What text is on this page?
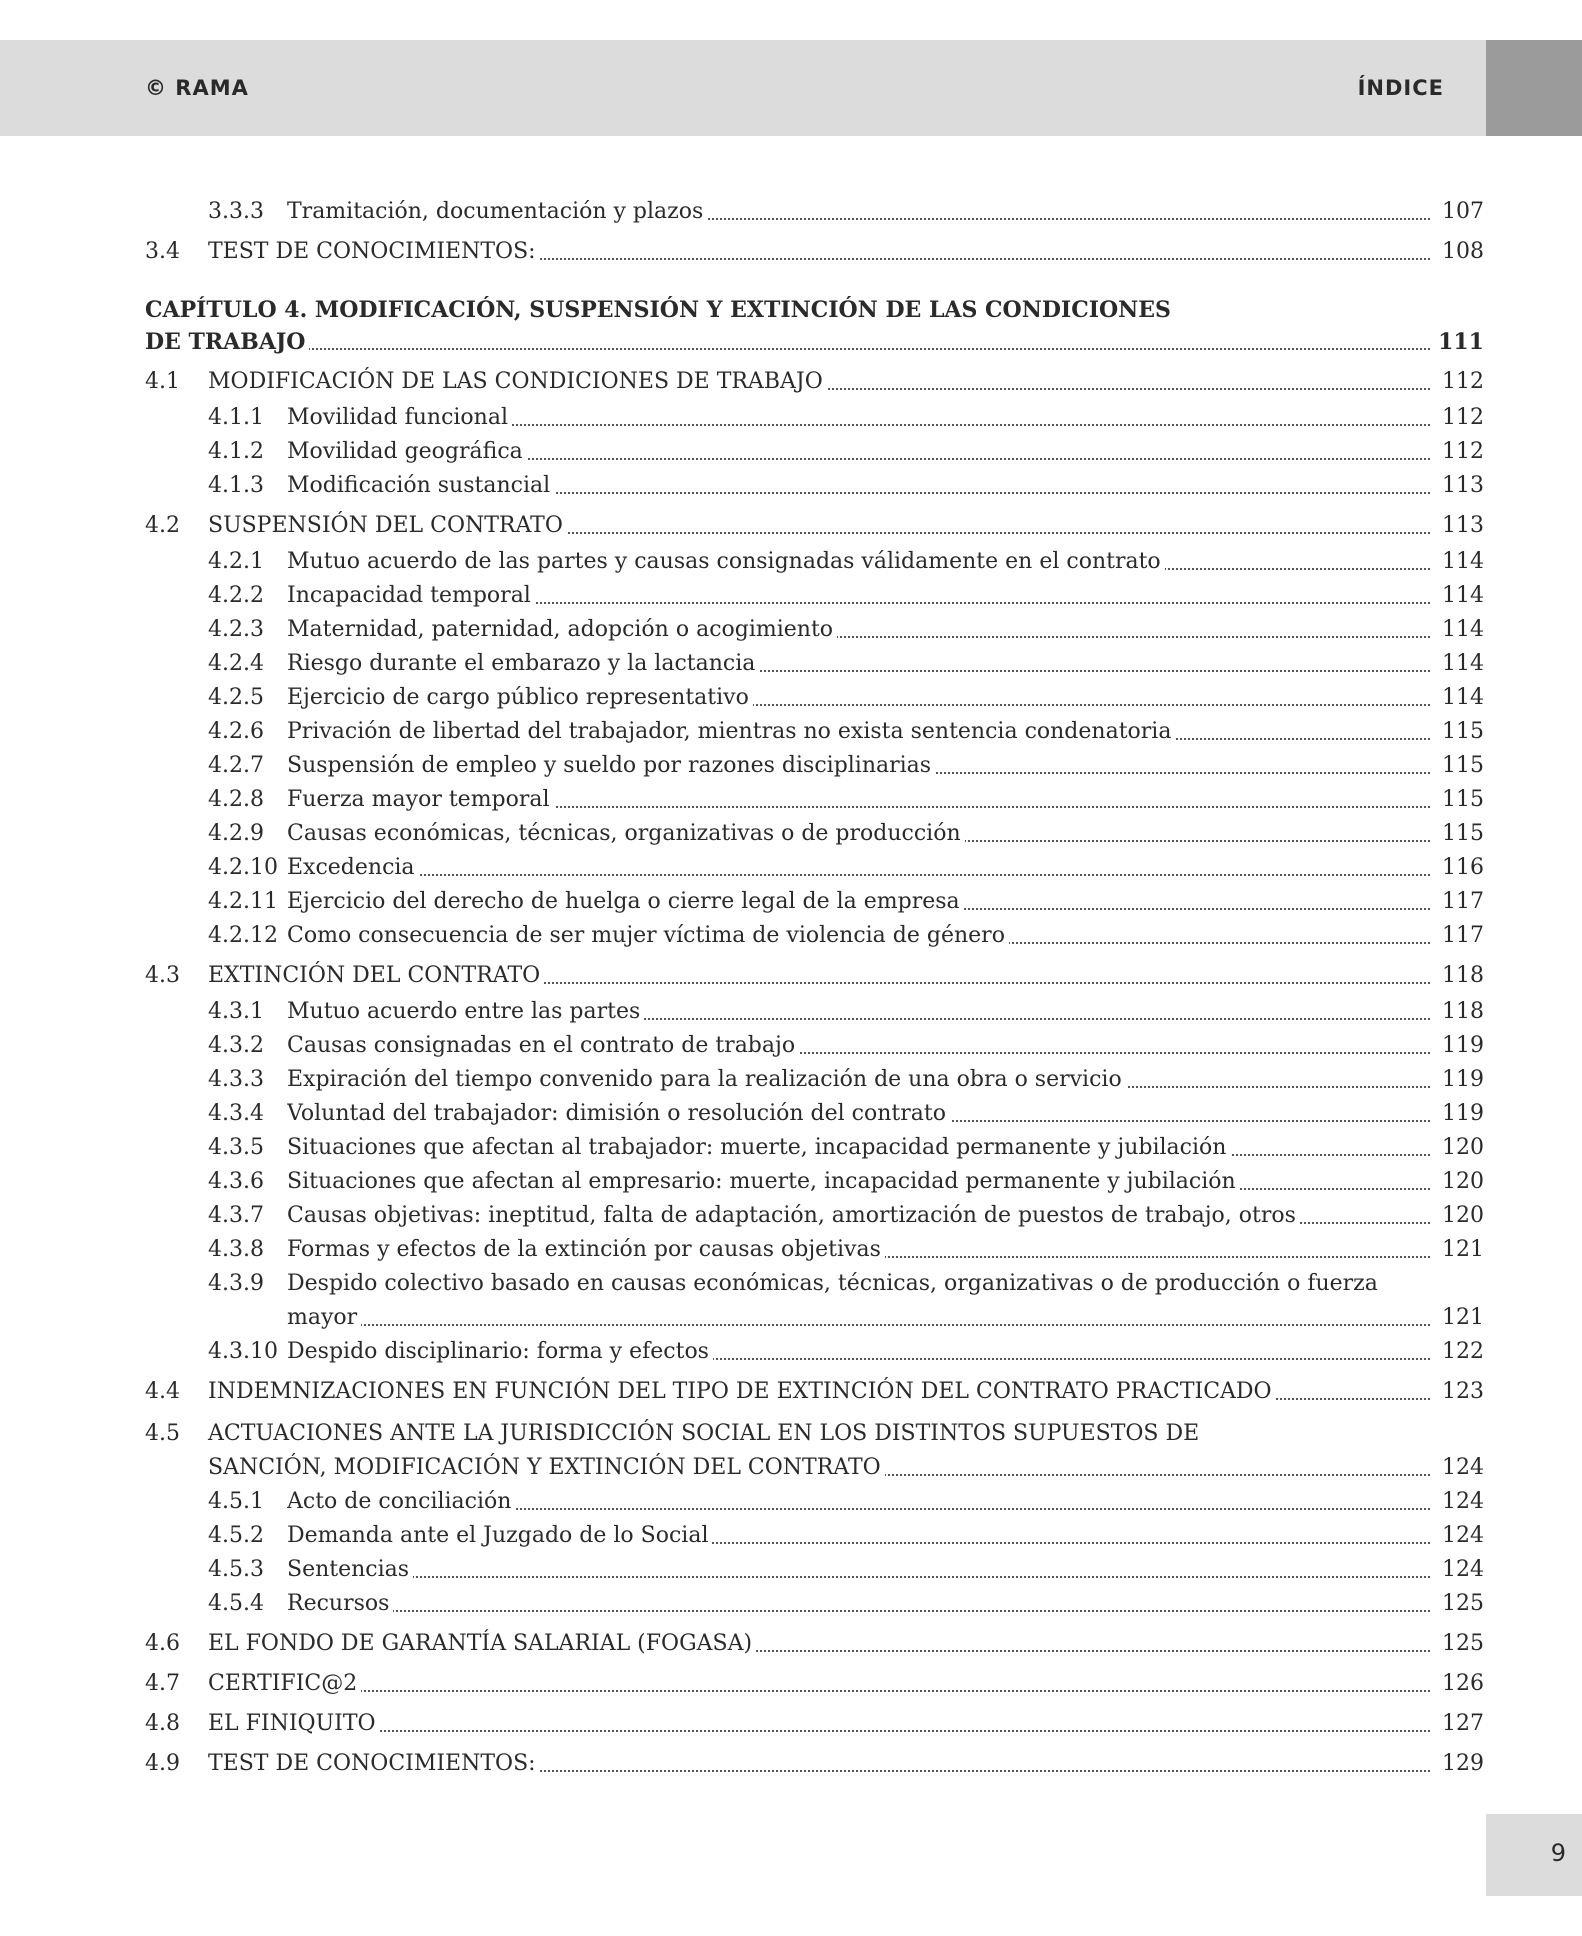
© RAMA	ÍNDICE
3.3.3 Tramitación, documentación y plazos	107
3.4 TEST DE CONOCIMIENTOS:	108
CAPÍTULO 4. MODIFICACIÓN, SUSPENSIÓN Y EXTINCIÓN DE LAS CONDICIONES
DE TRABAJO	111
4.1 MODIFICACIÓN DE LAS CONDICIONES DE TRABAJO	112
4.1.1 Movilidad funcional	112
4.1.2 Movilidad geográfica	112
4.1.3 Modificación sustancial	113
4.2 SUSPENSIÓN DEL CONTRATO	113
4.2.1 Mutuo acuerdo de las partes y causas consignadas válidamente en el contrato	114
4.2.2 Incapacidad temporal	114
4.2.3 Maternidad, paternidad, adopción o acogimiento	114
4.2.4 Riesgo durante el embarazo y la lactancia	114
4.2.5 Ejercicio de cargo público representativo	114
4.2.6 Privación de libertad del trabajador, mientras no exista sentencia condenatoria	115
4.2.7 Suspensión de empleo y sueldo por razones disciplinarias	115
4.2.8 Fuerza mayor temporal	115
4.2.9 Causas económicas, técnicas, organizativas o de producción	115
4.2.10 Excedencia	116
4.2.11 Ejercicio del derecho de huelga o cierre legal de la empresa	117
4.2.12 Como consecuencia de ser mujer víctima de violencia de género	117
4.3 EXTINCIÓN DEL CONTRATO	118
4.3.1 Mutuo acuerdo entre las partes	118
4.3.2 Causas consignadas en el contrato de trabajo	119
4.3.3 Expiración del tiempo convenido para la realización de una obra o servicio	119
4.3.4 Voluntad del trabajador: dimisión o resolución del contrato	119
4.3.5 Situaciones que afectan al trabajador: muerte, incapacidad permanente y jubilación	120
4.3.6 Situaciones que afectan al empresario: muerte, incapacidad permanente y jubilación	120
4.3.7 Causas objetivas: ineptitud, falta de adaptación, amortización de puestos de trabajo, otros	120
4.3.8 Formas y efectos de la extinción por causas objetivas	121
4.3.9 Despido colectivo basado en causas económicas, técnicas, organizativas o de producción o fuerza
mayor	121
4.3.10 Despido disciplinario: forma y efectos	122
4.4 INDEMNIZACIONES EN FUNCIÓN DEL TIPO DE EXTINCIÓN DEL CONTRATO PRACTICADO	123
4.5 ACTUACIONES ANTE LA JURISDICCIÓN SOCIAL EN LOS DISTINTOS SUPUESTOS DE
SANCIÓN, MODIFICACIÓN Y EXTINCIÓN DEL CONTRATO	124
4.5.1 Acto de conciliación	124
4.5.2 Demanda ante el Juzgado de lo Social	124
4.5.3 Sentencias	124
4.5.4 Recursos	125
4.6 EL FONDO DE GARANTÍA SALARIAL (FOGASA)	125
4.7 CERTIFIC@2	126
4.8 EL FINIQUITO	127
4.9 TEST DE CONOCIMIENTOS:	129
9
